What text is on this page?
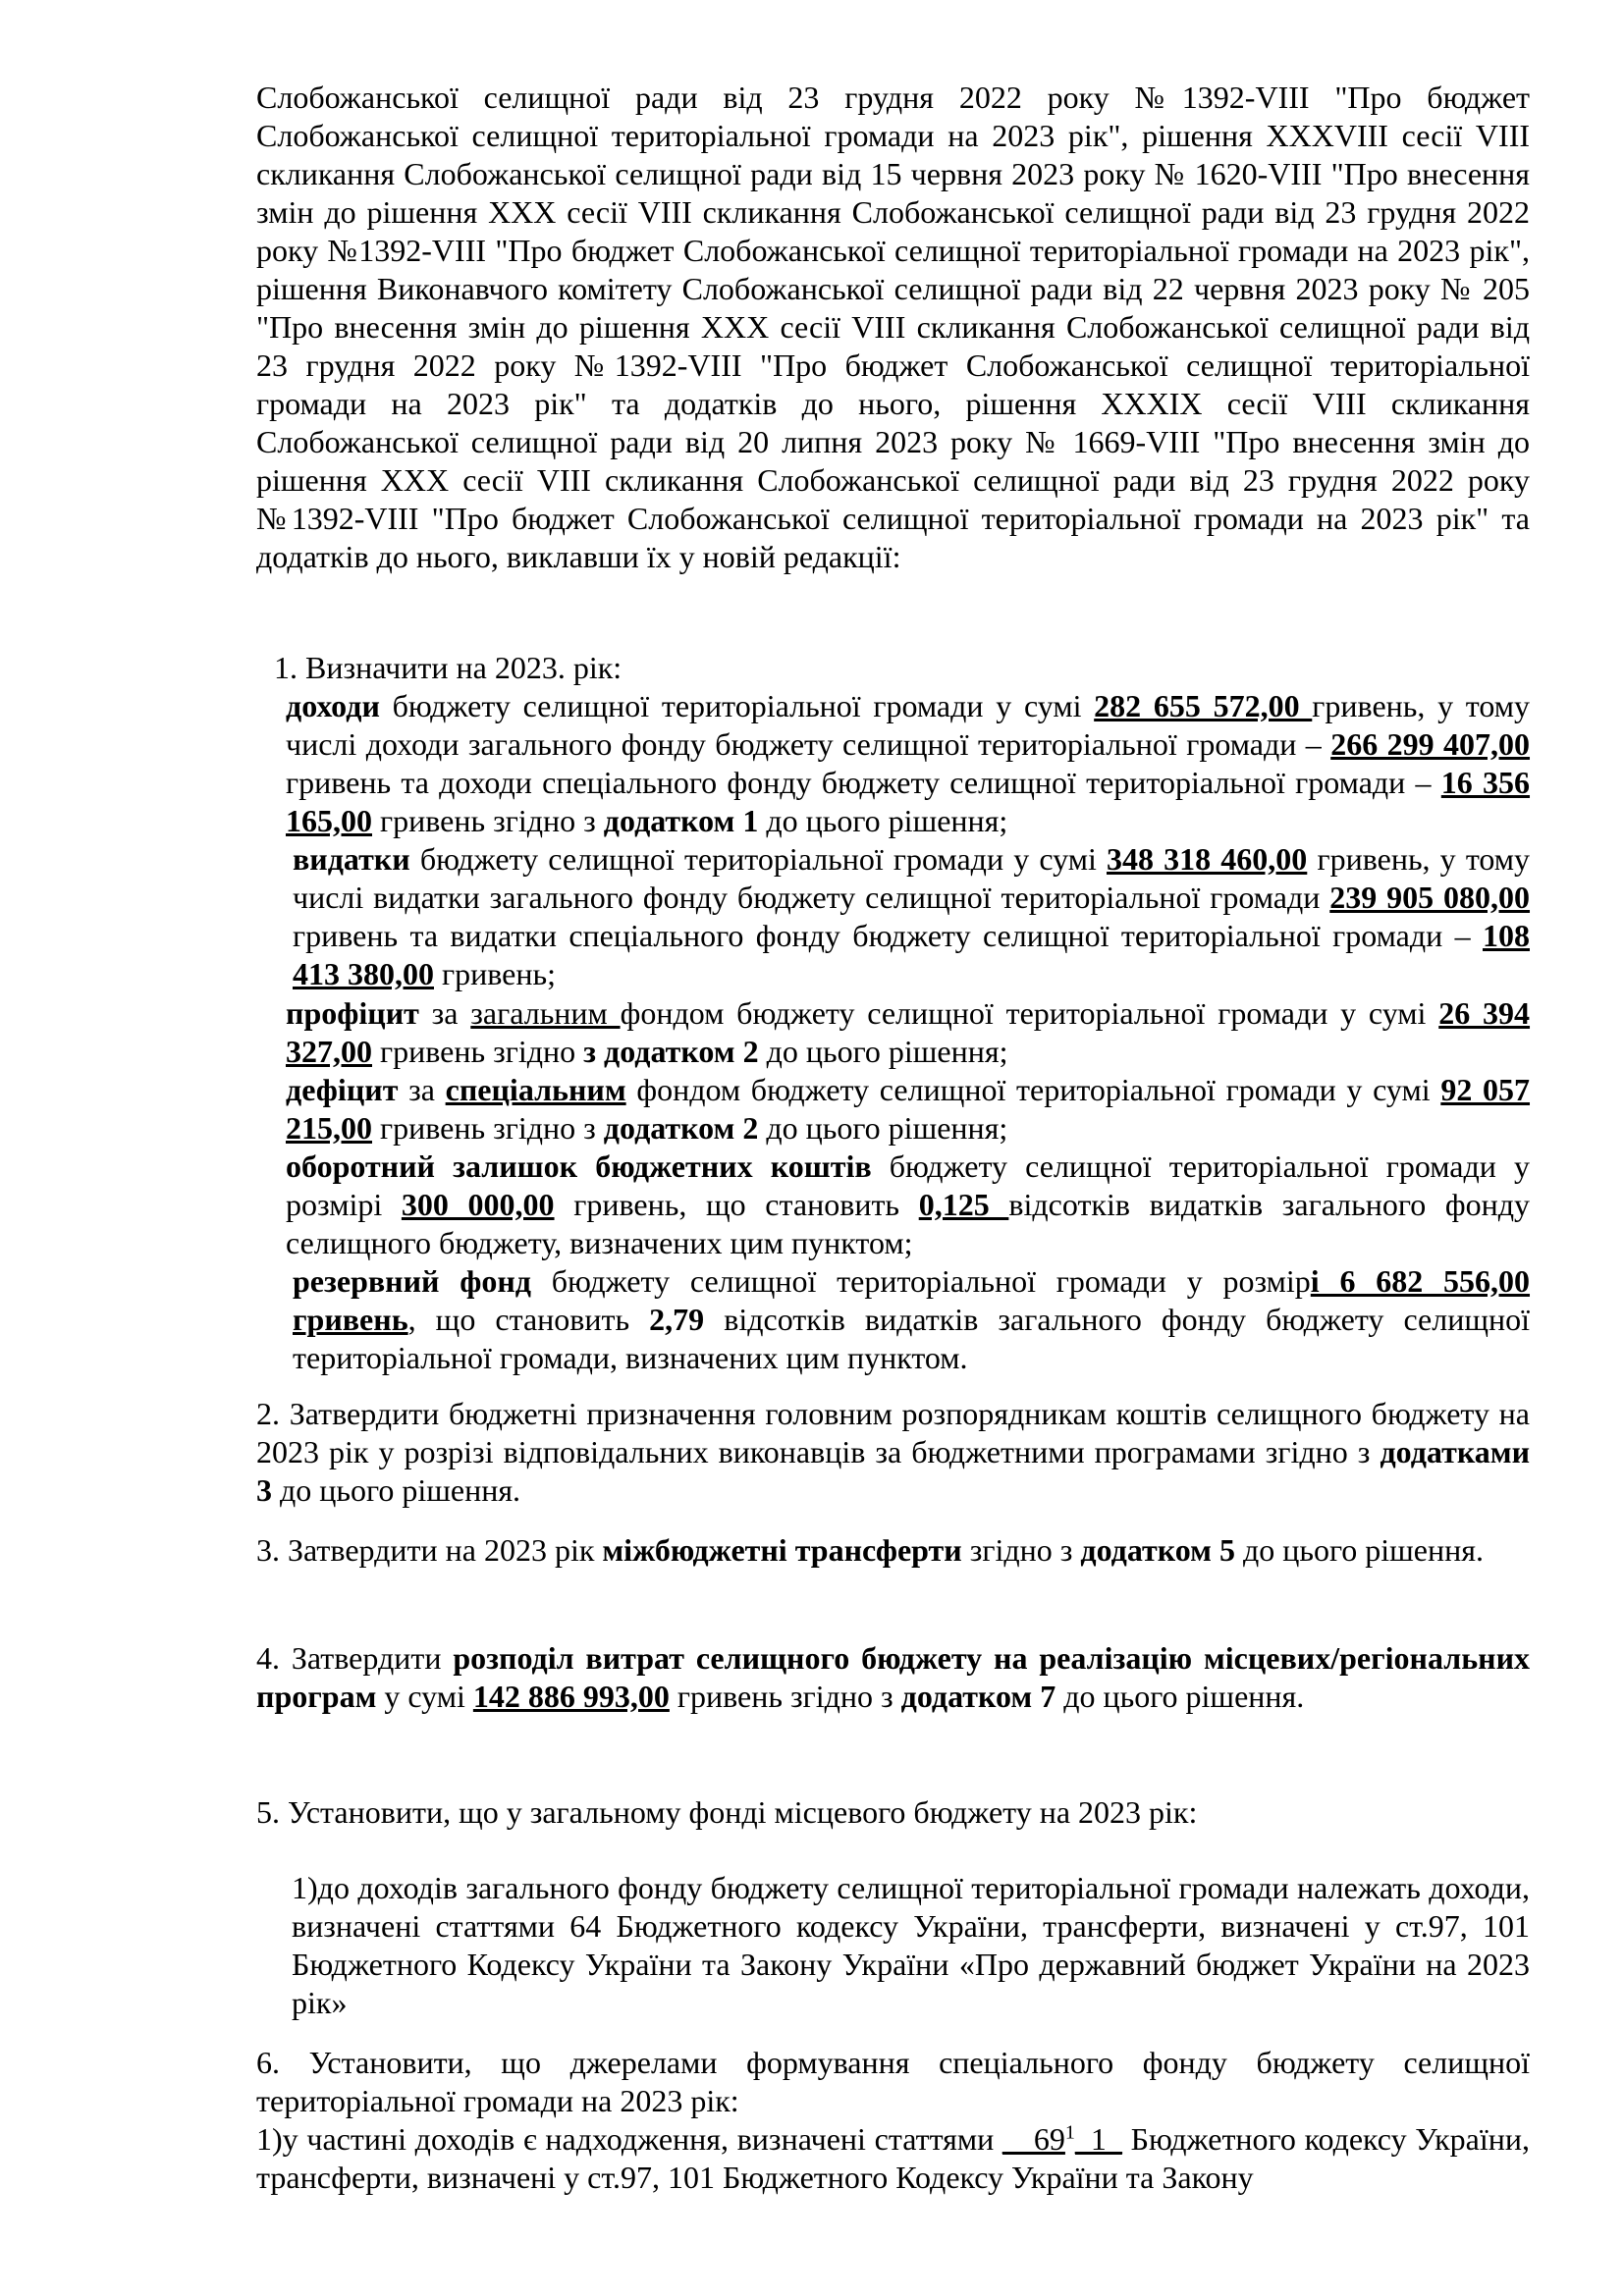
Слобожанської селищної ради від 23 грудня 2022 року №1392-VIII "Про бюджет Слобожанської селищної територіальної громади на 2023 рік", рішення XXXVIII сесії VIII скликання Слобожанської селищної ради від 15 червня 2023 року № 1620-VIII "Про внесення змін до рішення XXX сесії VIII скликання Слобожанської селищної ради від 23 грудня 2022 року №1392-VIII "Про бюджет Слобожанської селищної територіальної громади на 2023 рік", рішення Виконавчого комітету Слобожанської селищної ради від 22 червня 2023 року № 205 "Про внесення змін до рішення XXX сесії VIII скликання Слобожанської селищної ради від 23 грудня 2022 року №1392-VIII "Про бюджет Слобожанської селищної територіальної громади на 2023 рік" та додатків до нього, рішення XXXIX сесії VIII скликання Слобожанської селищної ради від 20 липня 2023 року № 1669-VIII "Про внесення змін до рішення XXX сесії VIII скликання Слобожанської селищної ради від 23 грудня 2022 року №1392-VIII "Про бюджет Слобожанської селищної територіальної громади на 2023 рік" та додатків до нього, виклавши їх у новій редакції:

1. Визначити на 2023. рік:

доходи бюджету селищної територіальної громади у сумі 282 655 572,00 гривень, у тому числі доходи загального фонду бюджету селищної територіальної громади – 266 299 407,00 гривень та доходи спеціального фонду бюджету селищної територіальної громади – 16 356 165,00 гривень згідно з додатком 1 до цього рішення;

видатки бюджету селищної територіальної громади у сумі 348 318 460,00 гривень, у тому числі видатки загального фонду бюджету селищної територіальної громади 239 905 080,00 гривень та видатки спеціального фонду бюджету селищної територіальної громади – 108 413 380,00 гривень;

профіцит за загальним фондом бюджету селищної територіальної громади у сумі 26 394 327,00 гривень згідно з додатком 2 до цього рішення;

дефіцит за спеціальним фондом бюджету селищної територіальної громади у сумі 92 057 215,00 гривень згідно з додатком 2 до цього рішення;

оборотний залишок бюджетних коштів бюджету селищної територіальної громади у розмірі 300 000,00 гривень, що становить 0,125 відсотків видатків загального фонду селищного бюджету, визначених цим пунктом;

резервний фонд бюджету селищної територіальної громади у розмірі 6 682 556,00 гривень, що становить 2,79 відсотків видатків загального фонду бюджету селищної територіальної громади, визначених цим пунктом.

2. Затвердити бюджетні призначення головним розпорядникам коштів селищного бюджету на 2023 рік у розрізі відповідальних виконавців за бюджетними програмами згідно з додатками 3 до цього рішення.

3. Затвердити на 2023 рік міжбюджетні трансферти згідно з додатком 5 до цього рішення.

4. Затвердити розподіл витрат селищного бюджету на реалізацію місцевих/регіональних програм у сумі 142 886 993,00 гривень згідно з додатком 7 до цього рішення.

5. Установити, що у загальному фонді місцевого бюджету на 2023 рік:

1)до доходів загального фонду бюджету селищної територіальної громади належать доходи, визначені статтями 64 Бюджетного кодексу України, трансферти, визначені у ст.97, 101 Бюджетного Кодексу України та Закону України «Про державний бюджет України на 2023 рік»

6. Установити, що джерелами формування спеціального фонду бюджету селищної територіальної громади на 2023 рік:

1)у частині доходів є надходження, визначені статтями $\_\_69^1\_1\_$ Бюджетного кодексу України, трансферти, визначені у ст.97, 101 Бюджетного Кодексу України та Закону
